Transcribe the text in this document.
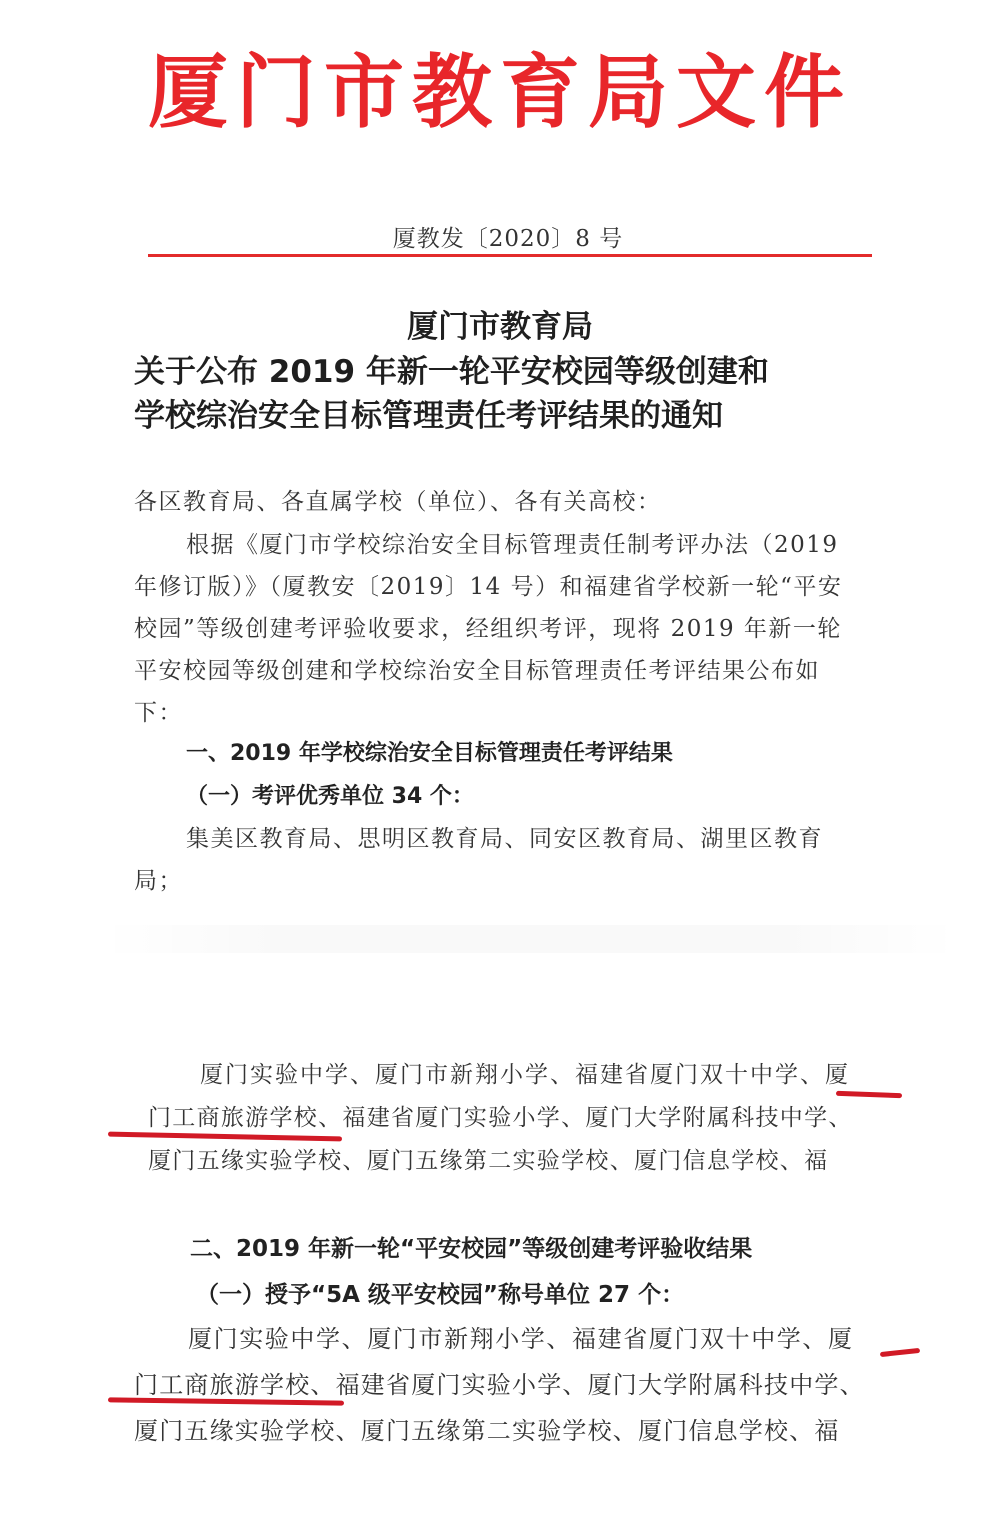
厦门市教育局文件
厦教发〔2020〕8 号
厦门市教育局
关于公布 2019 年新一轮平安校园等级创建和
学校综治安全目标管理责任考评结果的通知
各区教育局、各直属学校（单位）、各有关高校：
根据《厦门市学校综治安全目标管理责任制考评办法（2019
年修订版）》（厦教安〔2019〕14 号）和福建省学校新一轮“平安
校园”等级创建考评验收要求，经组织考评，现将 2019 年新一轮
平安校园等级创建和学校综治安全目标管理责任考评结果公布如
下：
一、2019 年学校综治安全目标管理责任考评结果
（一）考评优秀单位 34 个：
集美区教育局、思明区教育局、同安区教育局、湖里区教育
局；
厦门实验中学、厦门市新翔小学、福建省厦门双十中学、厦
门工商旅游学校、福建省厦门实验小学、厦门大学附属科技中学、
厦门五缘实验学校、厦门五缘第二实验学校、厦门信息学校、福
二、2019 年新一轮“平安校园”等级创建考评验收结果
（一）授予“5A 级平安校园”称号单位 27 个：
厦门实验中学、厦门市新翔小学、福建省厦门双十中学、厦
门工商旅游学校、福建省厦门实验小学、厦门大学附属科技中学、
厦门五缘实验学校、厦门五缘第二实验学校、厦门信息学校、福
